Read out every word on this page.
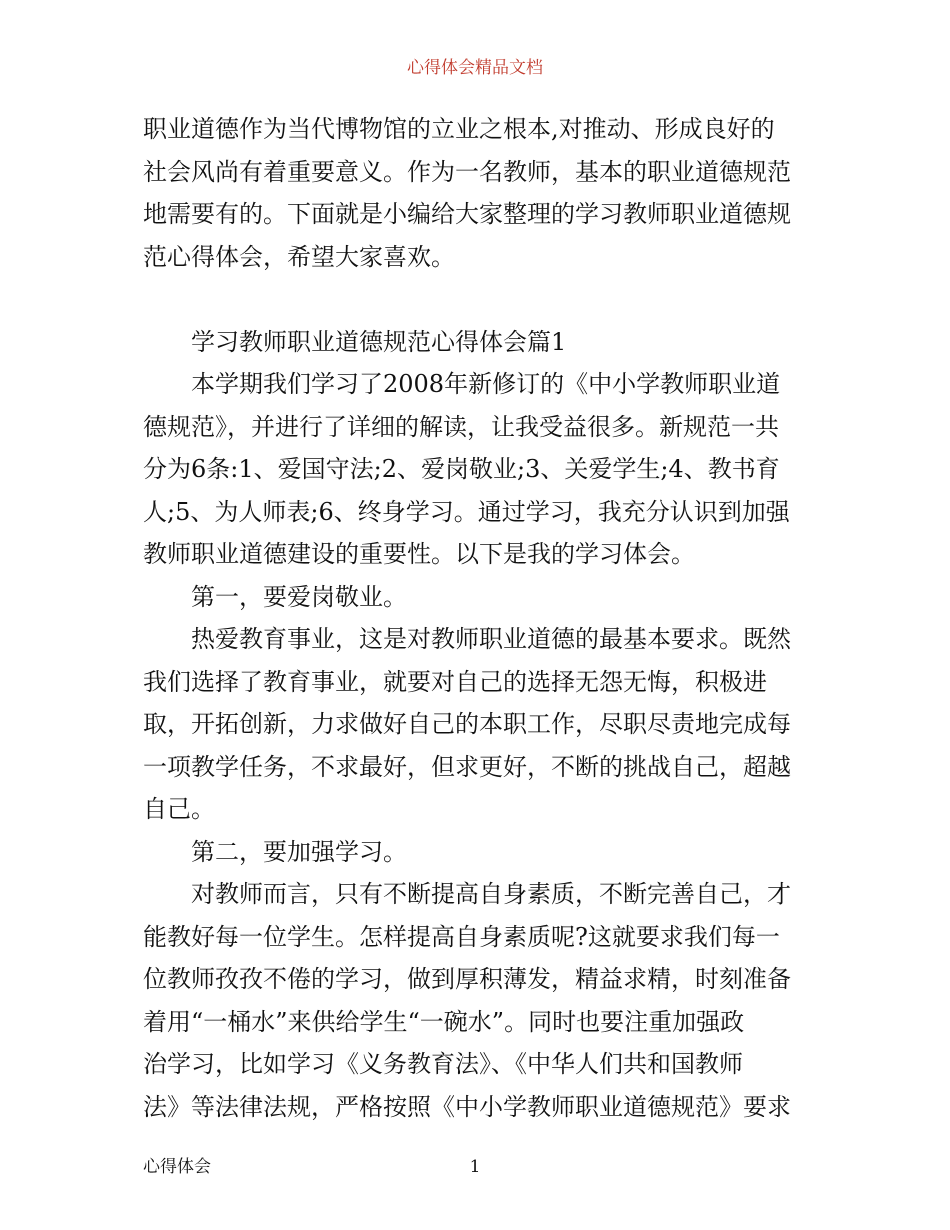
心得体会精品文档
职业道德作为当代博物馆的立业之根本,对推动、形成良好的
社会风尚有着重要意义。作为一名教师，基本的职业道德规范
地需要有的。下面就是小编给大家整理的学习教师职业道德规
范心得体会，希望大家喜欢。
学习教师职业道德规范心得体会篇1
本学期我们学习了2008年新修订的《中小学教师职业道
德规范》，并进行了详细的解读，让我受益很多。新规范一共
分为6条:1、爱国守法;2、爱岗敬业;3、关爱学生;4、教书育
人;5、为人师表;6、终身学习。通过学习，我充分认识到加强
教师职业道德建设的重要性。以下是我的学习体会。
第一，要爱岗敬业。
热爱教育事业，这是对教师职业道德的最基本要求。既然
我们选择了教育事业，就要对自己的选择无怨无悔，积极进
取，开拓创新，力求做好自己的本职工作，尽职尽责地完成每
一项教学任务，不求最好，但求更好，不断的挑战自己，超越
自己。
第二，要加强学习。
对教师而言，只有不断提高自身素质，不断完善自己，才
能教好每一位学生。怎样提高自身素质呢?这就要求我们每一
位教师孜孜不倦的学习，做到厚积薄发，精益求精，时刻准备
着用“一桶水”来供给学生“一碗水”。同时也要注重加强政
治学习，比如学习《义务教育法》、《中华人们共和国教师
法》等法律法规，严格按照《中小学教师职业道德规范》要求
心得体会	1
